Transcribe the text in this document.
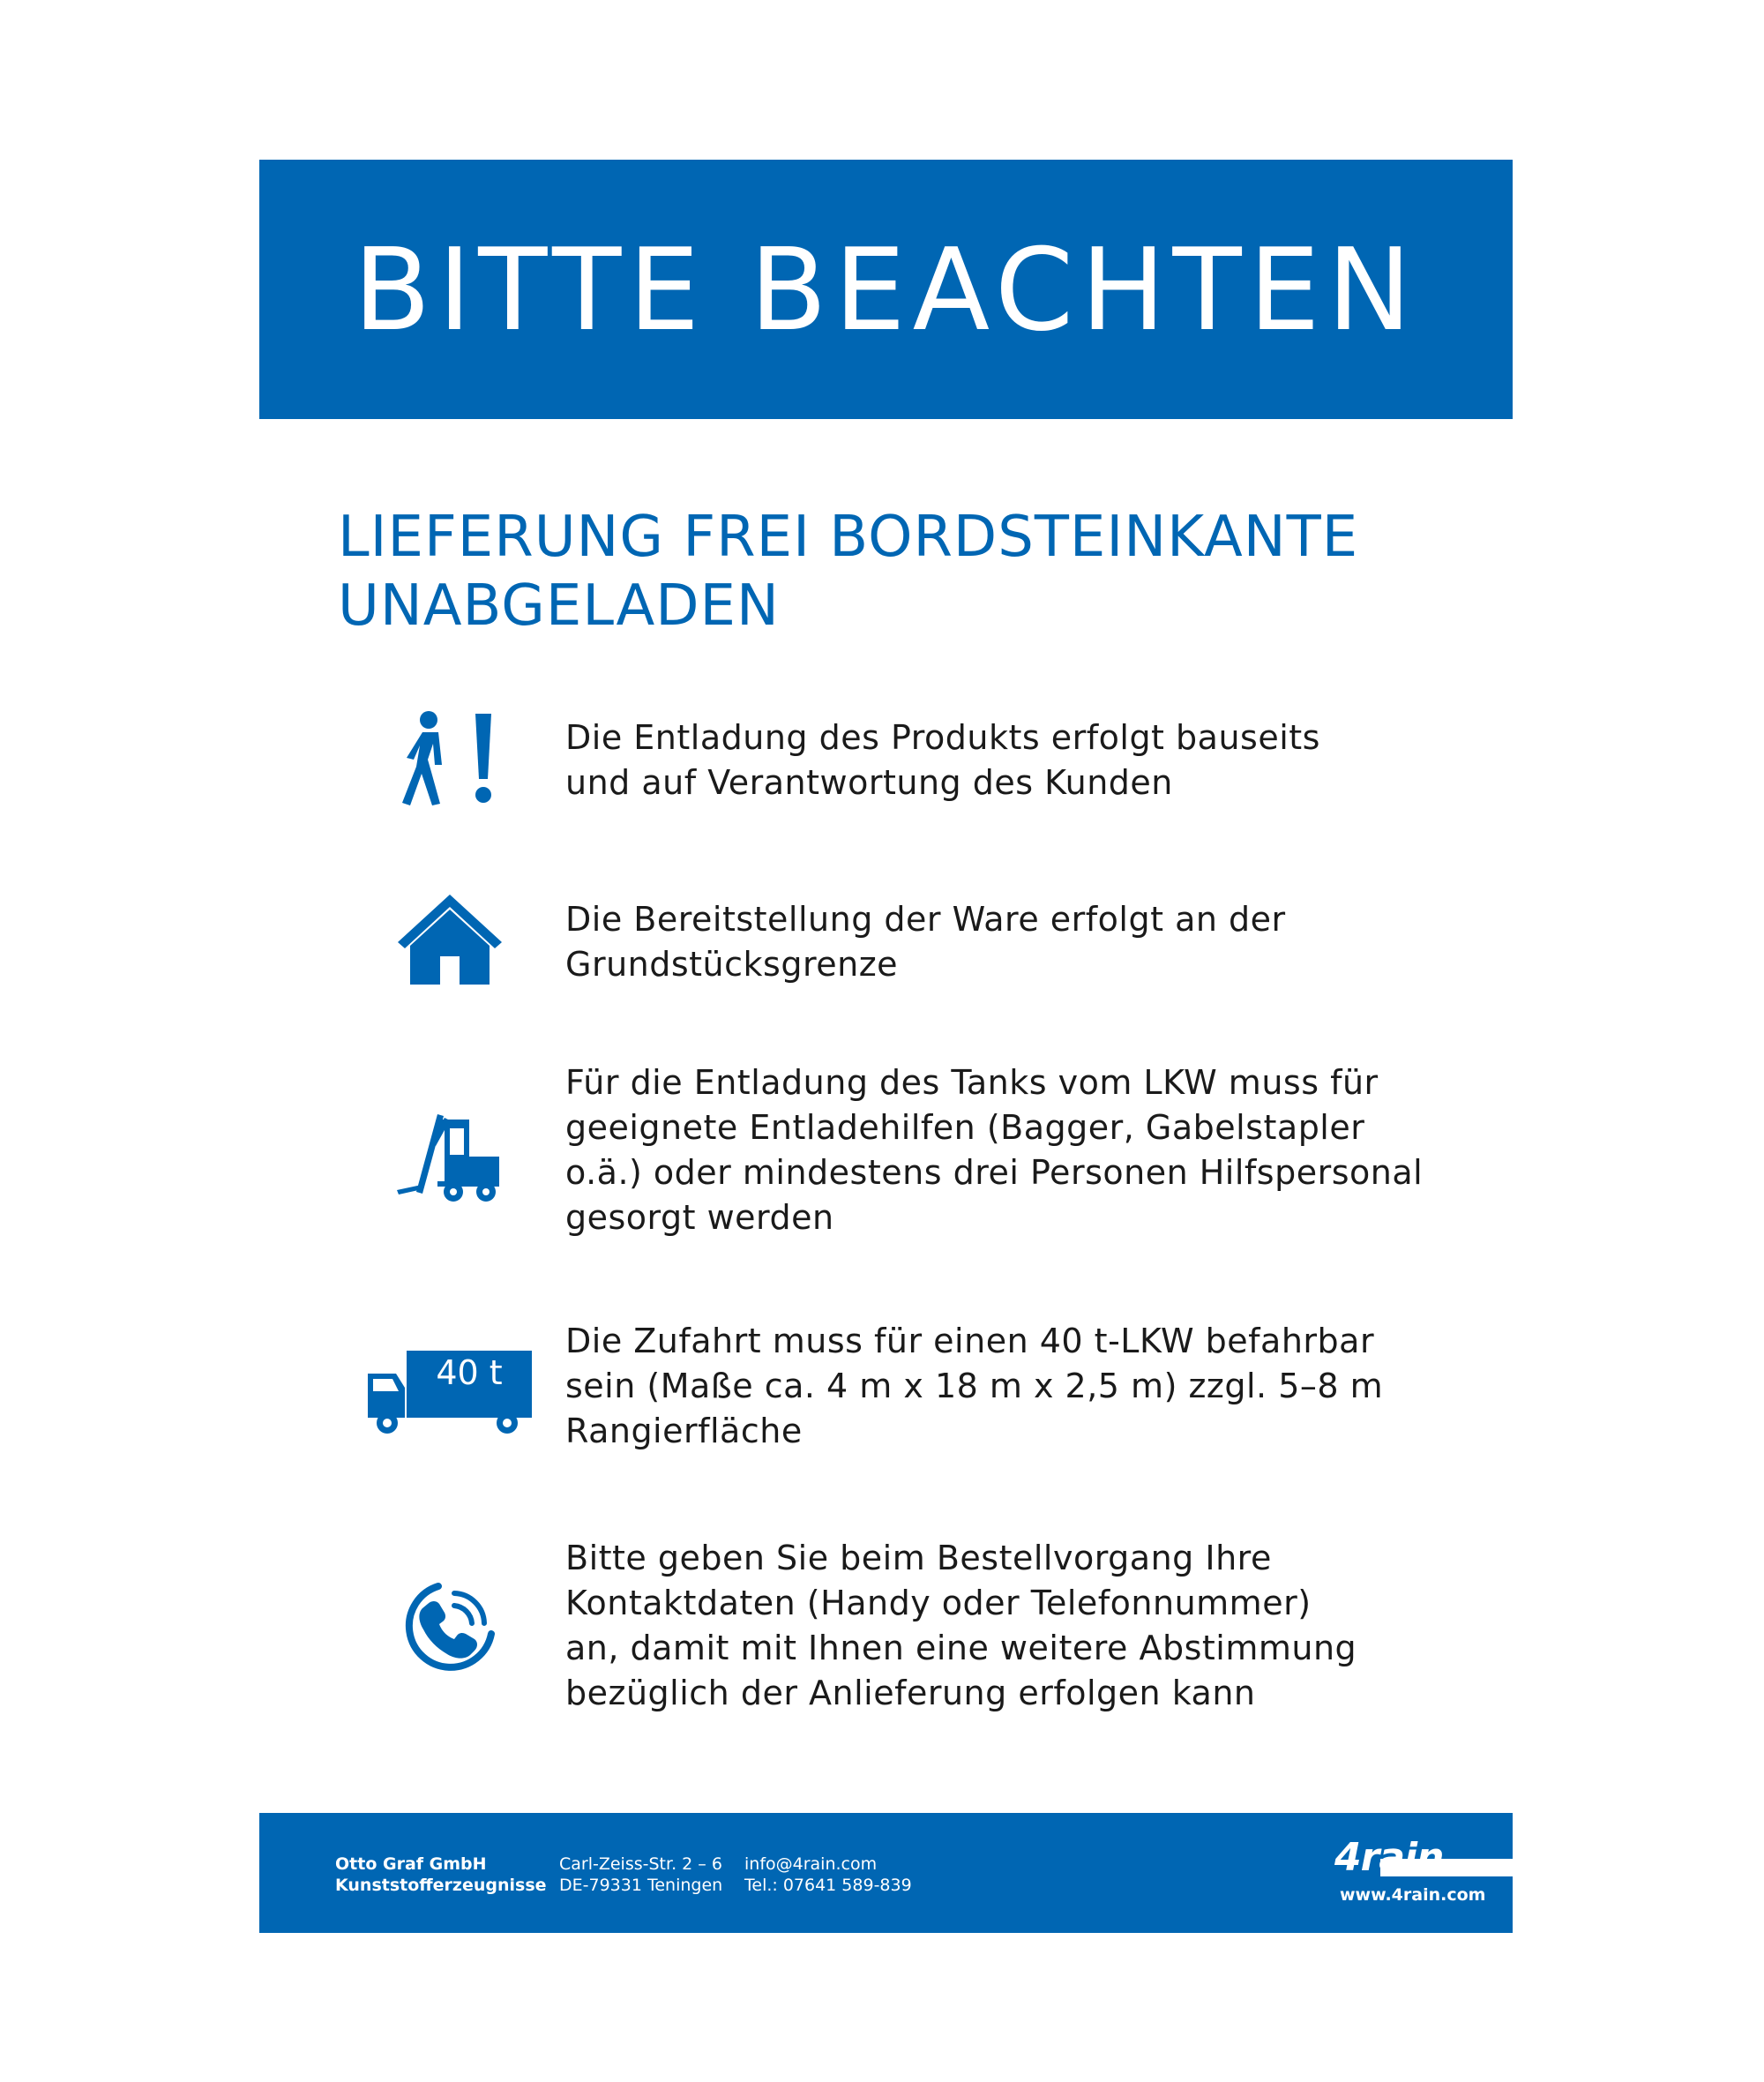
BITTE BEACHTEN
LIEFERUNG FREI BORDSTEINKANTE
UNABGELADEN
Die Entladung des Produkts erfolgt bauseits
und auf Verantwortung des Kunden
Die Bereitstellung der Ware erfolgt an der
Grundstücksgrenze
Für die Entladung des Tanks vom LKW muss für
geeignete Entladehilfen (Bagger, Gabelstapler
o.ä.) oder mindestens drei Personen Hilfspersonal
gesorgt werden
40 t
Die Zufahrt muss für einen 40 t-LKW befahrbar
sein (Maße ca. 4 m x 18 m x 2,5 m) zzgl. 5–8 m
Rangierfläche
Bitte geben Sie beim Bestellvorgang Ihre
Kontaktdaten (Handy oder Telefonnummer)
an, damit mit Ihnen eine weitere Abstimmung
bezüglich der Anlieferung erfolgen kann
Otto Graf GmbH
Kunststofferzeugnisse
Carl-Zeiss-Str. 2 – 6
DE-79331 Teningen
info@4rain.com
Tel.: 07641 589-839
4rain
www.4rain.com
